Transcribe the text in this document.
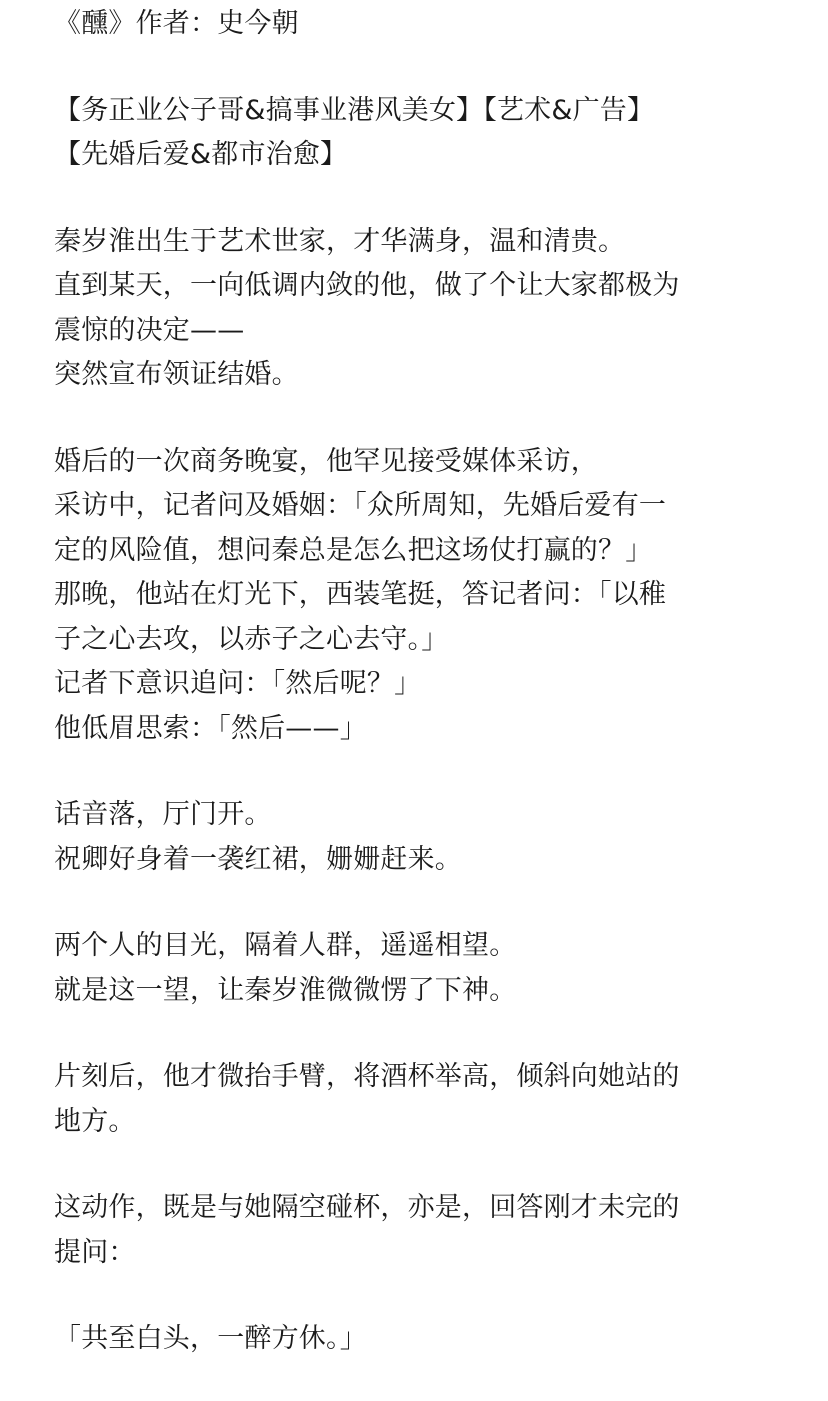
《醺》作者：史今朝
【务正业公子哥&搞事业港风美女】【艺术&广告】
【先婚后爱&都市治愈】
秦岁淮出生于艺术世家，才华满身，温和清贵。
直到某天，一向低调内敛的他，做了个让大家都极为
震惊的决定——
突然宣布领证结婚。
婚后的一次商务晚宴，他罕见接受媒体采访，
采访中，记者问及婚姻：「众所周知，先婚后爱有一
定的风险值，想问秦总是怎么把这场仗打赢的？」
那晚，他站在灯光下，西装笔挺，答记者问：「以稚
子之心去攻，以赤子之心去守。」
记者下意识追问：「然后呢？」
他低眉思索：「然后——」
话音落，厅门开。
祝卿好身着一袭红裙，姗姗赶来。
两个人的目光，隔着人群，遥遥相望。
就是这一望，让秦岁淮微微愣了下神。
片刻后，他才微抬手臂，将酒杯举高，倾斜向她站的
地方。
这动作，既是与她隔空碰杯，亦是，回答刚才未完的
提问：
「共至白头，一醉方休。」
